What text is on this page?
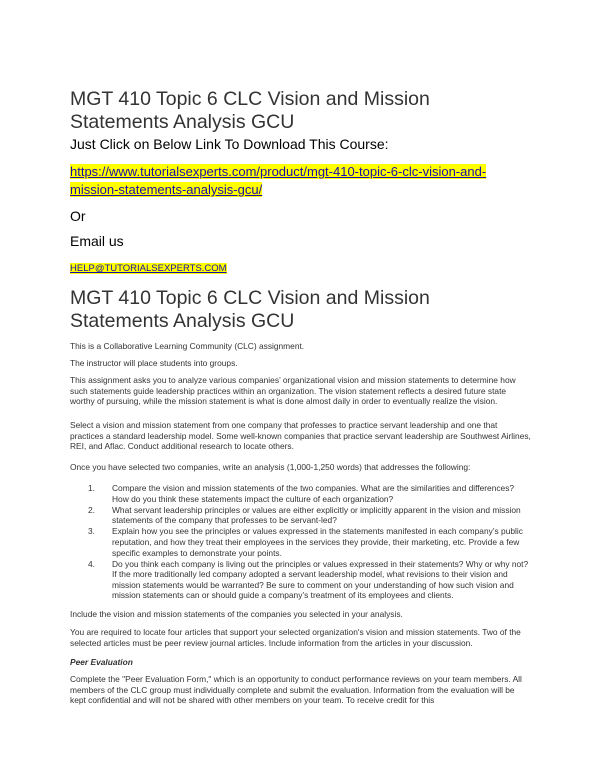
MGT 410 Topic 6 CLC Vision and Mission Statements Analysis GCU

Just Click on Below Link To Download This Course:

https://www.tutorialsexperts.com/product/mgt-410-topic-6-clc-vision-and-mission-statements-analysis-gcu/

Or

Email us

HELP@TUTORIALSEXPERTS.COM
MGT 410 Topic 6 CLC Vision and Mission Statements Analysis GCU

This is a Collaborative Learning Community (CLC) assignment.

The instructor will place students into groups.

This assignment asks you to analyze various companies’ organizational vision and mission statements to determine how such statements guide leadership practices within an organization. The vision statement reflects a desired future state worthy of pursuing, while the mission statement is what is done almost daily in order to eventually realize the vision.

Select a vision and mission statement from one company that professes to practice servant leadership and one that practices a standard leadership model. Some well-known companies that practice servant leadership are Southwest Airlines, REI, and Aflac. Conduct additional research to locate others.

Once you have selected two companies, write an analysis (1,000-1,250 words) that addresses the following:

1. Compare the vision and mission statements of the two companies. What are the similarities and differences? How do you think these statements impact the culture of each organization?
2. What servant leadership principles or values are either explicitly or implicitly apparent in the vision and mission statements of the company that professes to be servant-led?
3. Explain how you see the principles or values expressed in the statements manifested in each company’s public reputation, and how they treat their employees in the services they provide, their marketing, etc. Provide a few specific examples to demonstrate your points.
4. Do you think each company is living out the principles or values expressed in their statements? Why or why not? If the more traditionally led company adopted a servant leadership model, what revisions to their vision and mission statements would be warranted? Be sure to comment on your understanding of how such vision and mission statements can or should guide a company’s treatment of its employees and clients.

Include the vision and mission statements of the companies you selected in your analysis.

You are required to locate four articles that support your selected organization's vision and mission statements. Two of the selected articles must be peer review journal articles. Include information from the articles in your discussion.

Peer Evaluation

Complete the "Peer Evaluation Form," which is an opportunity to conduct performance reviews on your team members. All members of the CLC group must individually complete and submit the evaluation. Information from the evaluation will be kept confidential and will not be shared with other members on your team. To receive credit for this
